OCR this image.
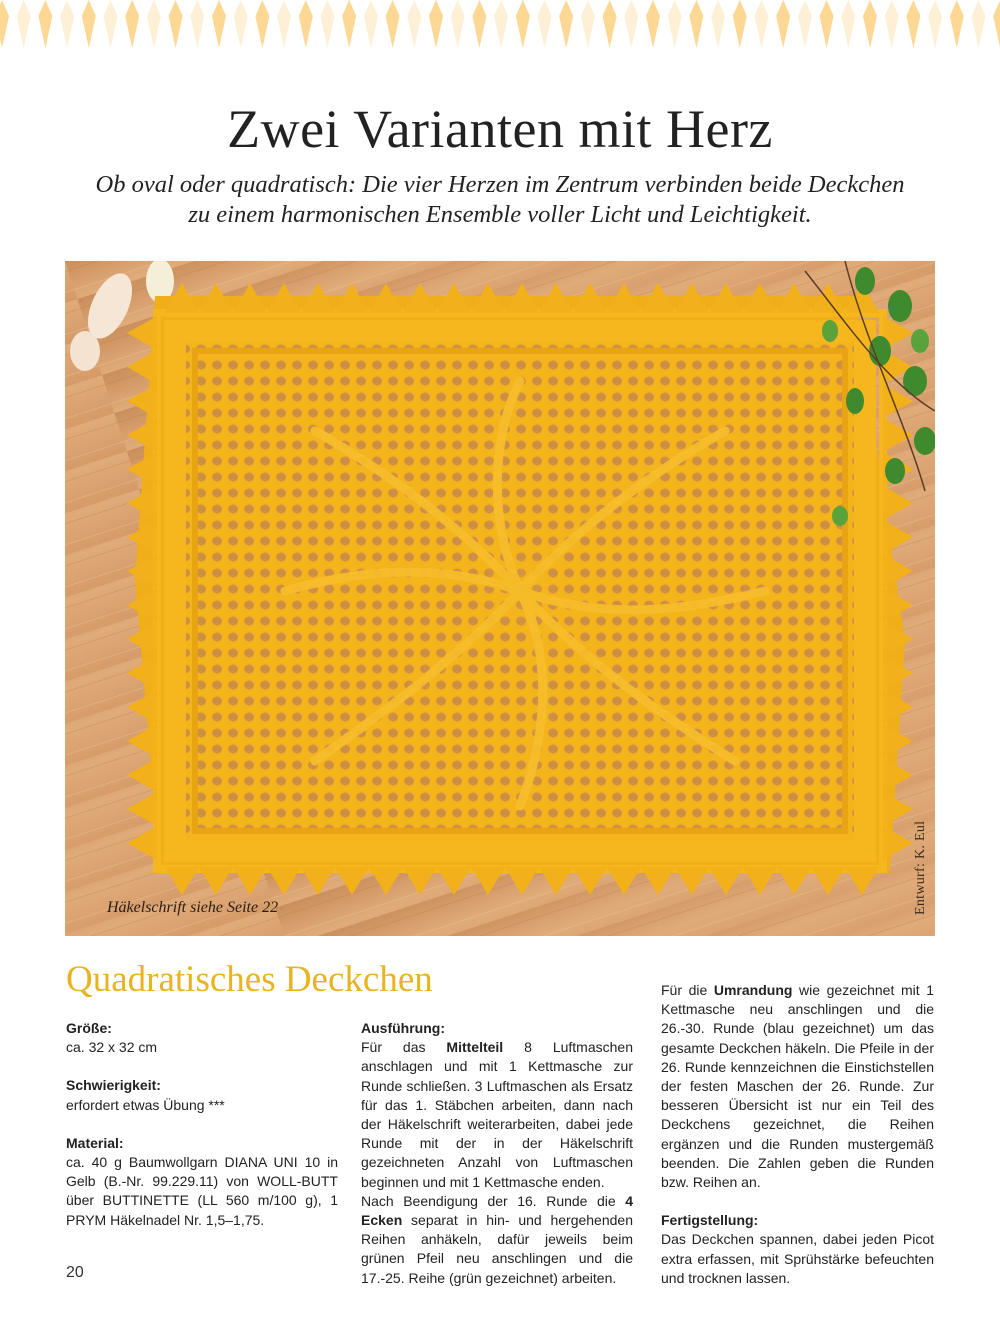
Zwei Varianten mit Herz
Ob oval oder quadratisch: Die vier Herzen im Zentrum verbinden beide Deckchen
zu einem harmonischen Ensemble voller Licht und Leichtigkeit.
Häkelschrift siehe Seite 22	Entwurf: K. Eul
Quadratisches Deckchen
Größe:
ca. 32 x 32 cm
Schwierigkeit:
erfordert etwas Übung ***
Material:
ca. 40 g Baumwollgarn DIANA UNI 10 in Gelb (B.-Nr. 99.229.11) von WOLL-BUTT über BUTTINETTE (LL 560 m/100 g), 1 PRYM Häkelnadel Nr. 1,5–1,75.
Ausführung:
Für das Mittelteil 8 Luftmaschen anschlagen und mit 1 Kettmasche zur Runde schließen. 3 Luftmaschen als Ersatz für das 1. Stäbchen arbeiten, dann nach der Häkelschrift weiterarbeiten, dabei jede Runde mit der in der Häkelschrift gezeichneten Anzahl von Luftmaschen beginnen und mit 1 Kettmasche enden.
Nach Beendigung der 16. Runde die 4 Ecken separat in hin- und hergehenden Reihen anhäkeln, dafür jeweils beim grünen Pfeil neu anschlingen und die 17.-25. Reihe (grün gezeichnet) arbeiten.
Für die Umrandung wie gezeichnet mit 1 Kettmasche neu anschlingen und die 26.-30. Runde (blau gezeichnet) um das gesamte Deckchen häkeln. Die Pfeile in der 26. Runde kennzeichnen die Einstichstellen der festen Maschen der 26. Runde. Zur besseren Übersicht ist nur ein Teil des Deckchens gezeichnet, die Reihen ergänzen und die Runden mustergemäß beenden. Die Zahlen geben die Runden bzw. Reihen an.
Fertigstellung:
Das Deckchen spannen, dabei jeden Picot extra erfassen, mit Sprühstärke befeuchten und trocknen lassen.
20
